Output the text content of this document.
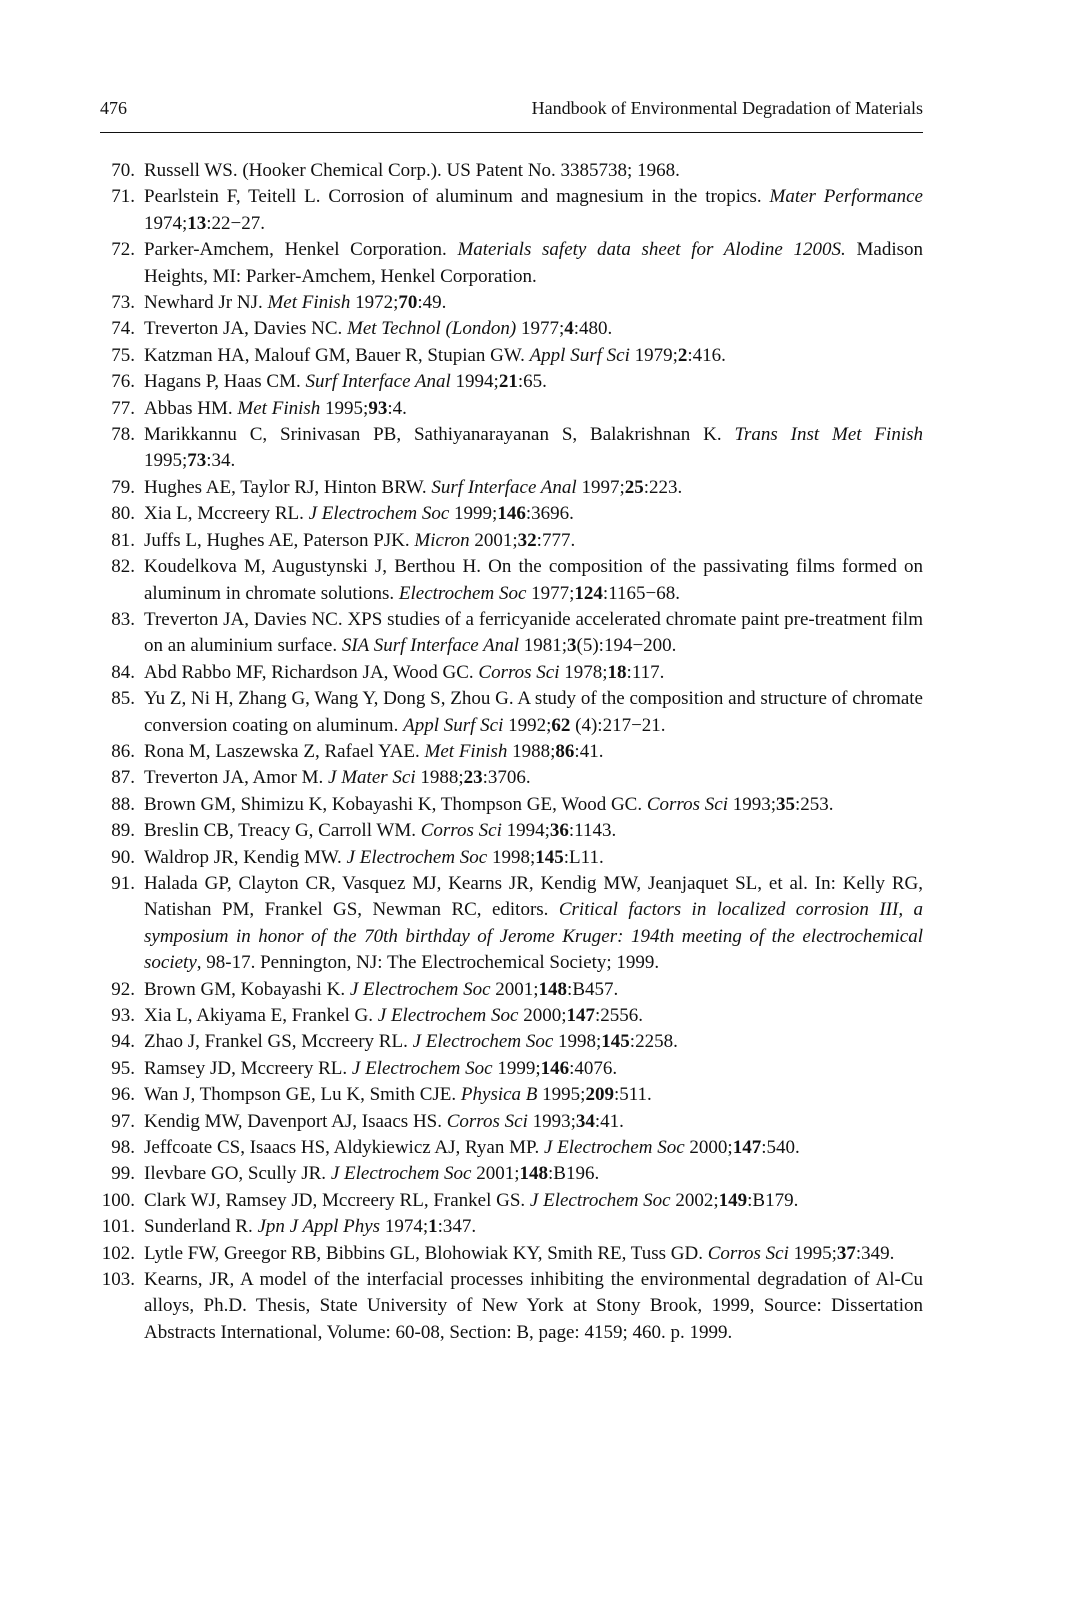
476	Handbook of Environmental Degradation of Materials
70. Russell WS. (Hooker Chemical Corp.). US Patent No. 3385738; 1968.
71. Pearlstein F, Teitell L. Corrosion of aluminum and magnesium in the tropics. Mater Performance 1974;13:22−27.
72. Parker-Amchem, Henkel Corporation. Materials safety data sheet for Alodine 1200S. Madison Heights, MI: Parker-Amchem, Henkel Corporation.
73. Newhard Jr NJ. Met Finish 1972;70:49.
74. Treverton JA, Davies NC. Met Technol (London) 1977;4:480.
75. Katzman HA, Malouf GM, Bauer R, Stupian GW. Appl Surf Sci 1979;2:416.
76. Hagans P, Haas CM. Surf Interface Anal 1994;21:65.
77. Abbas HM. Met Finish 1995;93:4.
78. Marikkannu C, Srinivasan PB, Sathiyanarayanan S, Balakrishnan K. Trans Inst Met Finish 1995;73:34.
79. Hughes AE, Taylor RJ, Hinton BRW. Surf Interface Anal 1997;25:223.
80. Xia L, Mccreery RL. J Electrochem Soc 1999;146:3696.
81. Juffs L, Hughes AE, Paterson PJK. Micron 2001;32:777.
82. Koudelkova M, Augustynski J, Berthou H. On the composition of the passivating films formed on aluminum in chromate solutions. Electrochem Soc 1977;124:1165−68.
83. Treverton JA, Davies NC. XPS studies of a ferricyanide accelerated chromate paint pre-treatment film on an aluminium surface. SIA Surf Interface Anal 1981;3(5):194−200.
84. Abd Rabbo MF, Richardson JA, Wood GC. Corros Sci 1978;18:117.
85. Yu Z, Ni H, Zhang G, Wang Y, Dong S, Zhou G. A study of the composition and structure of chromate conversion coating on aluminum. Appl Surf Sci 1992;62 (4):217−21.
86. Rona M, Laszewska Z, Rafael YAE. Met Finish 1988;86:41.
87. Treverton JA, Amor M. J Mater Sci 1988;23:3706.
88. Brown GM, Shimizu K, Kobayashi K, Thompson GE, Wood GC. Corros Sci 1993;35:253.
89. Breslin CB, Treacy G, Carroll WM. Corros Sci 1994;36:1143.
90. Waldrop JR, Kendig MW. J Electrochem Soc 1998;145:L11.
91. Halada GP, Clayton CR, Vasquez MJ, Kearns JR, Kendig MW, Jeanjaquet SL, et al. In: Kelly RG, Natishan PM, Frankel GS, Newman RC, editors. Critical factors in localized corrosion III, a symposium in honor of the 70th birthday of Jerome Kruger: 194th meeting of the electrochemical society, 98-17. Pennington, NJ: The Electrochemical Society; 1999.
92. Brown GM, Kobayashi K. J Electrochem Soc 2001;148:B457.
93. Xia L, Akiyama E, Frankel G. J Electrochem Soc 2000;147:2556.
94. Zhao J, Frankel GS, Mccreery RL. J Electrochem Soc 1998;145:2258.
95. Ramsey JD, Mccreery RL. J Electrochem Soc 1999;146:4076.
96. Wan J, Thompson GE, Lu K, Smith CJE. Physica B 1995;209:511.
97. Kendig MW, Davenport AJ, Isaacs HS. Corros Sci 1993;34:41.
98. Jeffcoate CS, Isaacs HS, Aldykiewicz AJ, Ryan MP. J Electrochem Soc 2000;147:540.
99. Ilevbare GO, Scully JR. J Electrochem Soc 2001;148:B196.
100. Clark WJ, Ramsey JD, Mccreery RL, Frankel GS. J Electrochem Soc 2002;149:B179.
101. Sunderland R. Jpn J Appl Phys 1974;1:347.
102. Lytle FW, Greegor RB, Bibbins GL, Blohowiak KY, Smith RE, Tuss GD. Corros Sci 1995;37:349.
103. Kearns, JR, A model of the interfacial processes inhibiting the environmental degradation of Al-Cu alloys, Ph.D. Thesis, State University of New York at Stony Brook, 1999, Source: Dissertation Abstracts International, Volume: 60-08, Section: B, page: 4159; 460. p. 1999.
